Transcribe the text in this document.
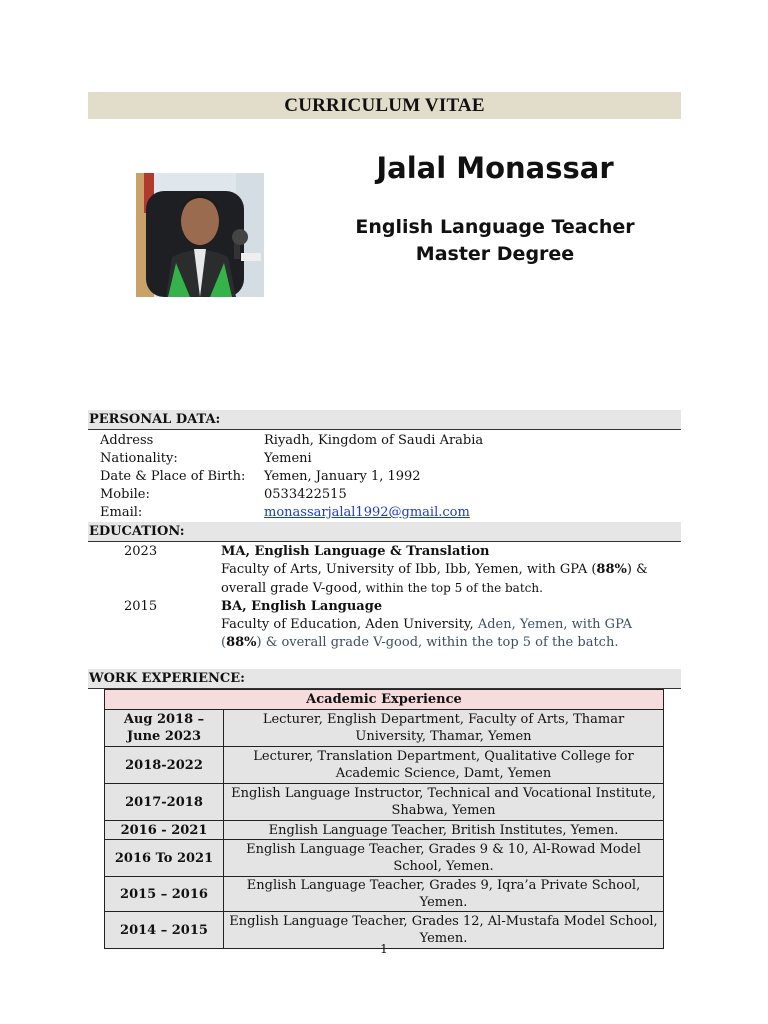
CURRICULUM VITAE
Jalal Monassar
English Language Teacher
Master Degree
PERSONAL DATA:
Address	Riyadh, Kingdom of Saudi Arabia
Nationality:	Yemeni
Date & Place of Birth:	Yemen, January 1, 1992
Mobile:	0533422515
Email:	monassarjalal1992@gmail.com
EDUCATION:
2023	MA, English Language & Translation
Faculty of Arts, University of Ibb, Ibb, Yemen, with GPA (88%) &
overall grade V-good, within the top 5 of the batch.
2015	BA, English Language
Faculty of Education, Aden University, Aden, Yemen, with GPA
(88%) & overall grade V-good, within the top 5 of the batch.
WORK EXPERIENCE:
Academic Experience	
Aug 2018 – June 2023	Lecturer, English Department, Faculty of Arts, Thamar University, Thamar, Yemen
2018-2022	Lecturer, Translation Department, Qualitative College for Academic Science, Damt, Yemen
2017-2018	English Language Instructor, Technical and Vocational Institute, Shabwa, Yemen
2016 - 2021	English Language Teacher, British Institutes, Yemen.
2016 To 2021	English Language Teacher, Grades 9 & 10, Al-Rowad Model School, Yemen.
2015 – 2016	English Language Teacher, Grades 9, Iqra’a Private School, Yemen.
2014 – 2015	English Language Teacher, Grades 12, Al-Mustafa Model School, Yemen.
1
